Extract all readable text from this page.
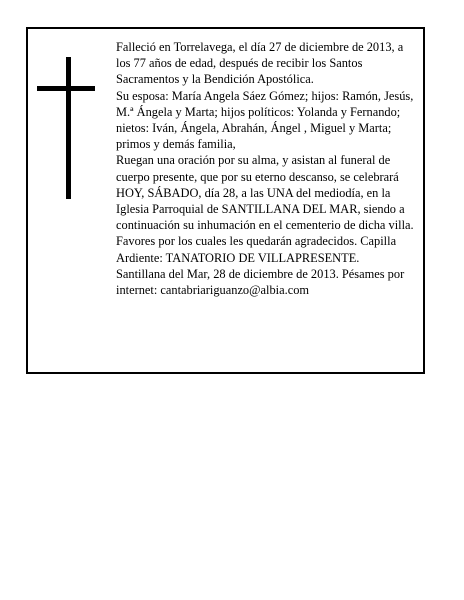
Falleció en Torrelavega, el día 27 de diciembre de 2013, a los 77 años de edad, después de recibir los Santos Sacramentos y la Bendición Apostólica.

Su esposa: María Angela Sáez Gómez; hijos: Ramón, Jesús, M.ª Ángela y Marta; hijos políticos: Yolanda y Fernando; nietos: Iván, Ángela, Abrahán, Ángel , Miguel y Marta; primos y demás familia,

Ruegan una oración por su alma, y asistan al funeral de cuerpo presente, que por su eterno descanso, se celebrará HOY, SÁBADO, día 28, a las UNA del mediodía, en la Iglesia Parroquial de SANTILLANA DEL MAR, siendo a continuación su inhumación en el cementerio de dicha villa. Favores por los cuales les quedarán agradecidos. Capilla Ardiente: TANATORIO DE VILLAPRESENTE.

Santillana del Mar, 28 de diciembre de 2013. Pésames por internet: cantabriariguanzo@albia.com
